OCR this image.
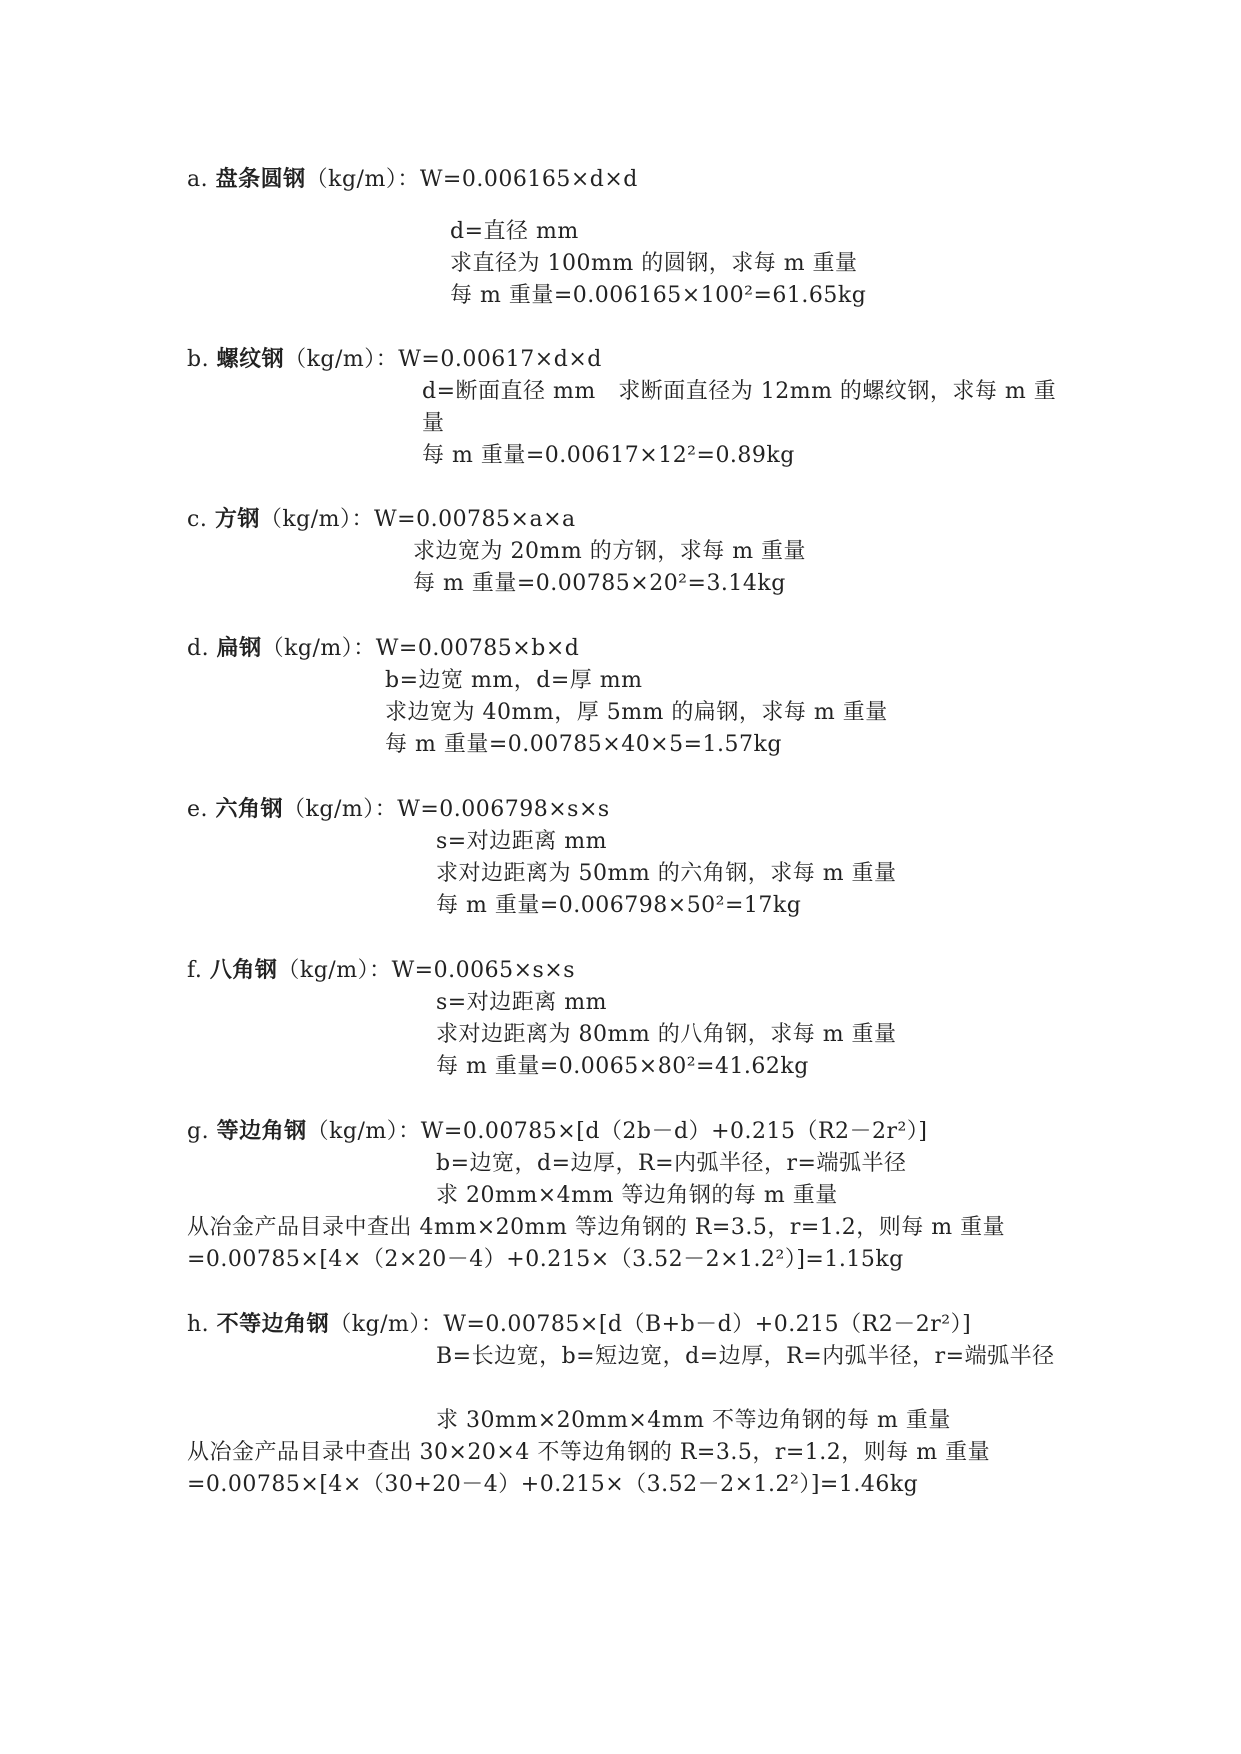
a. 盘条圆钢（kg/m）：W=0.006165×d×d
d=直径 mm
求直径为 100mm 的圆钢，求每 m 重量
每 m 重量=0.006165×100²=61.65kg
b. 螺纹钢（kg/m）：W=0.00617×d×d
d=断面直径 mm　求断面直径为 12mm 的螺纹钢，求每 m 重
量
每 m 重量=0.00617×12²=0.89kg
c. 方钢（kg/m）：W=0.00785×a×a
求边宽为 20mm 的方钢，求每 m 重量
每 m 重量=0.00785×20²=3.14kg
d. 扁钢（kg/m）：W=0.00785×b×d
b=边宽 mm，d=厚 mm
求边宽为 40mm，厚 5mm 的扁钢，求每 m 重量
每 m 重量=0.00785×40×5=1.57kg
e. 六角钢（kg/m）：W=0.006798×s×s
s=对边距离 mm
求对边距离为 50mm 的六角钢，求每 m 重量
每 m 重量=0.006798×50²=17kg
f. 八角钢（kg/m）：W=0.0065×s×s
s=对边距离 mm
求对边距离为 80mm 的八角钢，求每 m 重量
每 m 重量=0.0065×80²=41.62kg
g. 等边角钢（kg/m）：W=0.00785×[d（2b－d）+0.215（R2－2r²）]
b=边宽，d=边厚，R=内弧半径，r=端弧半径
求 20mm×4mm 等边角钢的每 m 重量
从冶金产品目录中查出 4mm×20mm 等边角钢的 R=3.5，r=1.2，则每 m 重量
=0.00785×[4×（2×20－4）+0.215×（3.52－2×1.2²）]=1.15kg
h. 不等边角钢（kg/m）：W=0.00785×[d（B+b－d）+0.215（R2－2r²）]
B=长边宽，b=短边宽，d=边厚，R=内弧半径，r=端弧半径
求 30mm×20mm×4mm 不等边角钢的每 m 重量
从冶金产品目录中查出 30×20×4 不等边角钢的 R=3.5，r=1.2，则每 m 重量
=0.00785×[4×（30+20－4）+0.215×（3.52－2×1.2²）]=1.46kg
